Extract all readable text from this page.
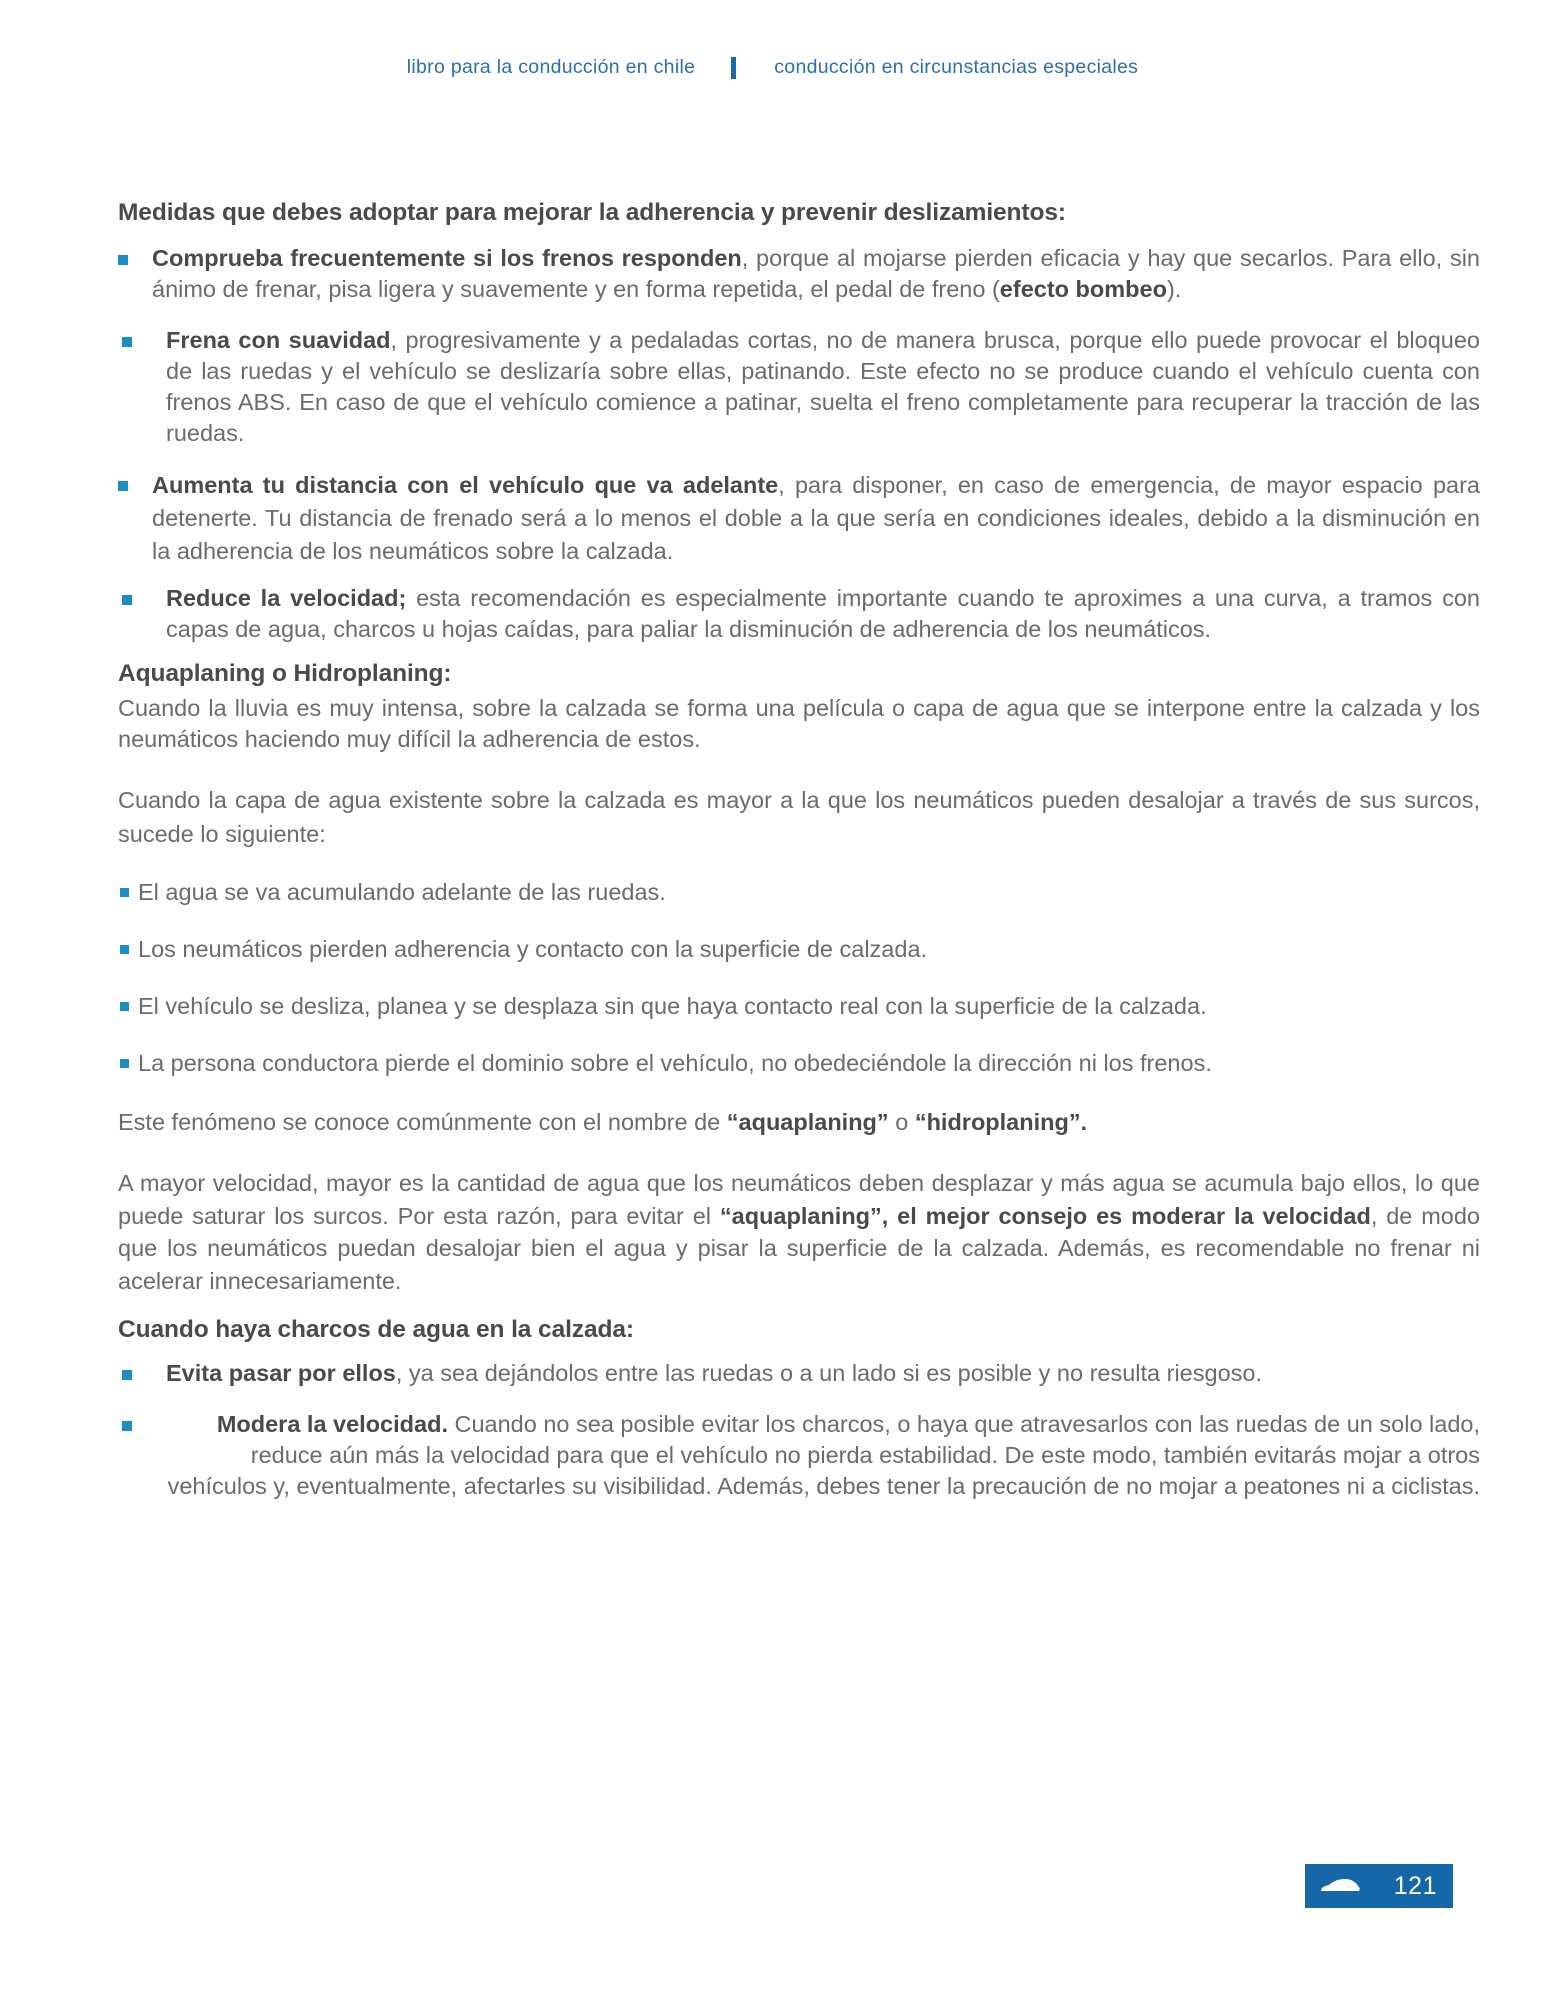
libro para la conducción en chile	conducción en circunstancias especiales
Medidas que debes adoptar para mejorar la adherencia y prevenir deslizamientos:
Comprueba frecuentemente si los frenos responden, porque al mojarse pierden eficacia y hay que secarlos. Para ello, sin ánimo de frenar, pisa ligera y suavemente y en forma repetida, el pedal de freno (efecto bombeo).
Frena con suavidad, progresivamente y a pedaladas cortas, no de manera brusca, porque ello puede provocar el bloqueo de las ruedas y el vehículo se deslizaría sobre ellas, patinando. Este efecto no se produce cuando el vehículo cuenta con frenos ABS. En caso de que el vehículo comience a patinar, suelta el freno completamente para recuperar la tracción de las ruedas.
Aumenta tu distancia con el vehículo que va adelante, para disponer, en caso de emergencia, de mayor espacio para detenerte. Tu distancia de frenado será a lo menos el doble a la que sería en condiciones ideales, debido a la disminución en la adherencia de los neumáticos sobre la calzada.
Reduce la velocidad; esta recomendación es especialmente importante cuando te aproximes a una curva, a tramos con capas de agua, charcos u hojas caídas, para paliar la disminución de adherencia de los neumáticos.
Aquaplaning o Hidroplaning:

Cuando la lluvia es muy intensa, sobre la calzada se forma una película o capa de agua que se interpone entre la calzada y los neumáticos haciendo muy difícil la adherencia de estos.

Cuando la capa de agua existente sobre la calzada es mayor a la que los neumáticos pueden desalojar a través de sus surcos, sucede lo siguiente:

El agua se va acumulando adelante de las ruedas.
Los neumáticos pierden adherencia y contacto con la superficie de calzada.
El vehículo se desliza, planea y se desplaza sin que haya contacto real con la superficie de la calzada.
La persona conductora pierde el dominio sobre el vehículo, no obedeciéndole la dirección ni los frenos.

Este fenómeno se conoce comúnmente con el nombre de “aquaplaning” o “hidroplaning”.

A mayor velocidad, mayor es la cantidad de agua que los neumáticos deben desplazar y más agua se acumula bajo ellos, lo que puede saturar los surcos. Por esta razón, para evitar el “aquaplaning”, el mejor consejo es moderar la velocidad, de modo que los neumáticos puedan desalojar bien el agua y pisar la superficie de la calzada. Además, es recomendable no frenar ni acelerar innecesariamente.

Cuando haya charcos de agua en la calzada:
Evita pasar por ellos, ya sea dejándolos entre las ruedas o a un lado si es posible y no resulta riesgoso.
Modera la velocidad. Cuando no sea posible evitar los charcos, o haya que atravesarlos con las ruedas de un solo lado, reduce aún más la velocidad para que el vehículo no pierda estabilidad. De este modo, también evitarás mojar a otros vehículos y, eventualmente, afectarles su visibilidad. Además, debes tener la precaución de no mojar a peatones ni a ciclistas.
121
